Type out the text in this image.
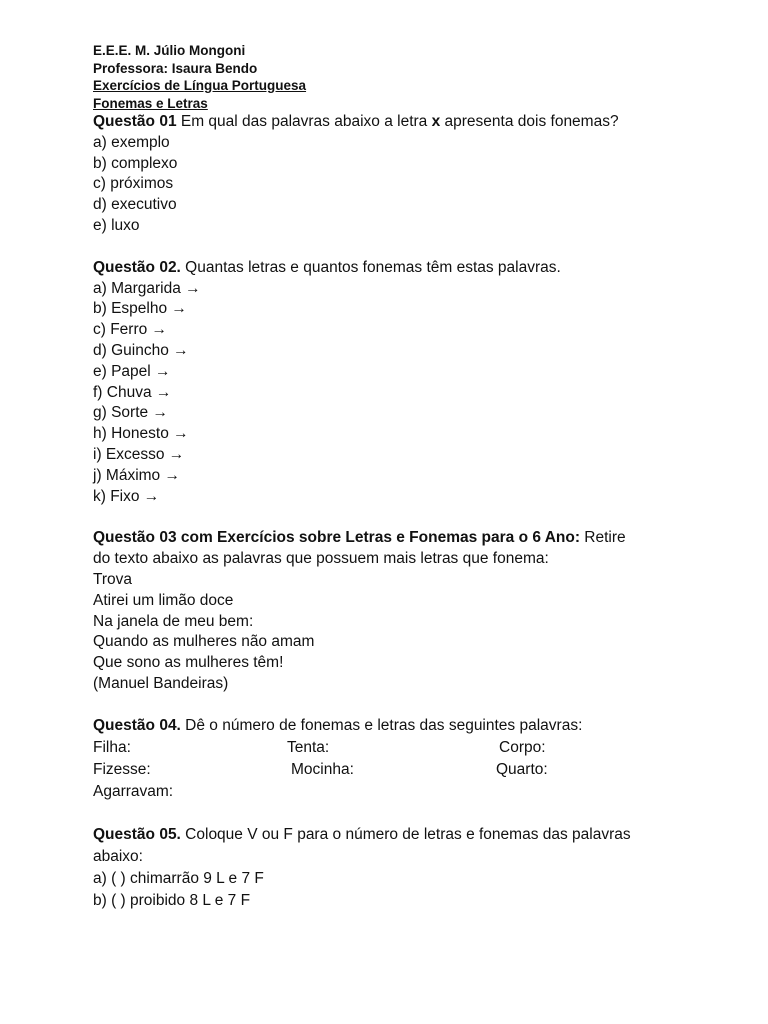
E.E.E. M. Júlio Mongoni
Professora: Isaura Bendo
Exercícios de Língua Portuguesa
Fonemas e Letras
Questão 01 Em qual das palavras abaixo a letra x apresenta dois fonemas?
a) exemplo
b) complexo
c) próximos
d) executivo
e) luxo
Questão 02. Quantas letras e quantos fonemas têm estas palavras.
a) Margarida →
b) Espelho →
c) Ferro →
d) Guincho →
e) Papel →
f) Chuva →
g) Sorte →
h) Honesto →
i) Excesso →
j) Máximo →
k) Fixo →
Questão 03 com Exercícios sobre Letras e Fonemas para o 6 Ano: Retire
do texto abaixo as palavras que possuem mais letras que fonema:
Trova
Atirei um limão doce
Na janela de meu bem:
Quando as mulheres não amam
Que sono as mulheres têm!
(Manuel Bandeiras)
Questão 04. Dê o número de fonemas e letras das seguintes palavras:
Filha:	Tenta:	Corpo:
Fizesse:	Mocinha:	Quarto:
Agarravam:
Questão 05. Coloque V ou F para o número de letras e fonemas das palavras
abaixo:
a) ( ) chimarrão 9 L e 7 F
b) ( ) proibido 8 L e 7 F
